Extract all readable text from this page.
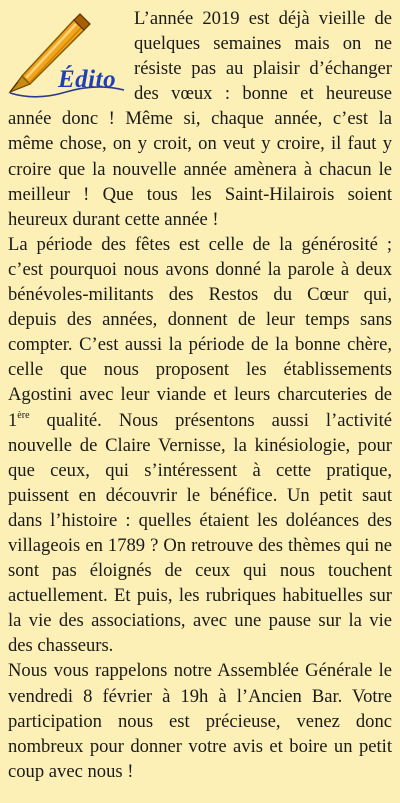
Édito

L’année 2019 est déjà vieille de quelques semaines mais on ne résiste pas au plaisir d’échanger des vœux : bonne et heureuse année donc ! Même si, chaque année, c’est la même chose, on y croit, on veut y croire, il faut y croire que la nouvelle année amènera à chacun le meilleur ! Que tous les Saint-Hilairois soient heureux durant cette année !

La période des fêtes est celle de la générosité ; c’est pourquoi nous avons donné la parole à deux bénévoles-militants des Restos du Cœur qui, depuis des années, donnent de leur temps sans compter. C’est aussi la période de la bonne chère, celle que nous proposent les établissements Agostini avec leur viande et leurs charcuteries de 1ère qualité. Nous présentons aussi l’activité nouvelle de Claire Vernisse, la kinésiologie, pour que ceux, qui s’intéressent à cette pratique, puissent en découvrir le bénéfice. Un petit saut dans l’histoire : quelles étaient les doléances des villageois en 1789 ? On retrouve des thèmes qui ne sont pas éloignés de ceux qui nous touchent actuellement. Et puis, les rubriques habituelles sur la vie des associations, avec une pause sur la vie des chasseurs.

Nous vous rappelons notre Assemblée Générale le vendredi 8 février à 19h à l’Ancien Bar. Votre participation nous est précieuse, venez donc nombreux pour donner votre avis et boire un petit coup avec nous !
